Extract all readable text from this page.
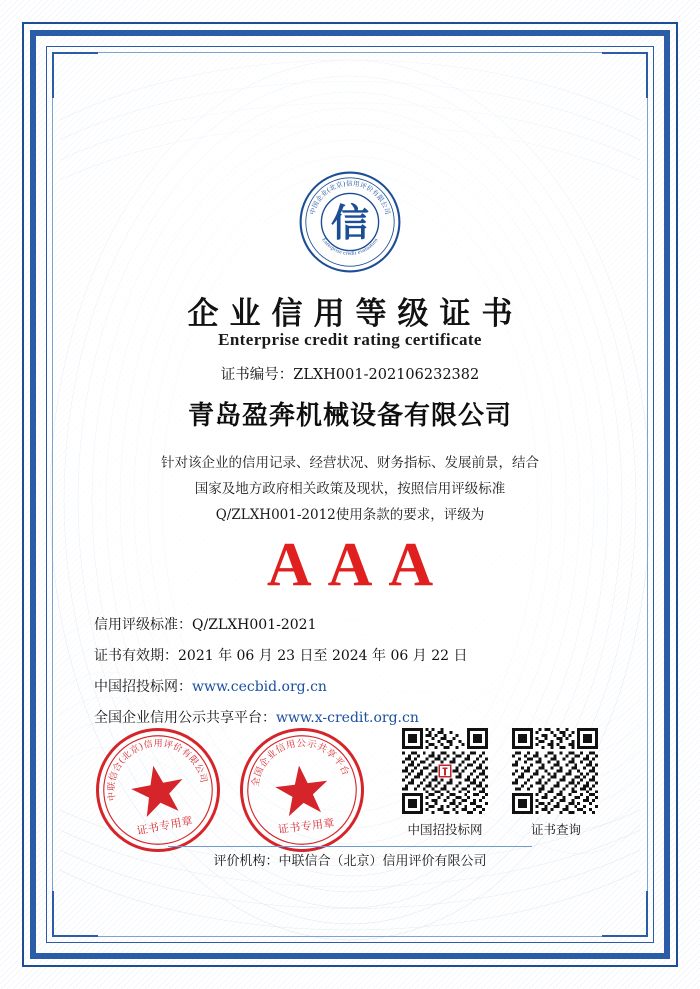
中国企业(北京)信用评价有限公司
Enterprise credit evaluation
信
企业信用等级证书
Enterprise credit rating certificate
证书编号：ZLXH001-202106232382
青岛盈奔机械设备有限公司
针对该企业的信用记录、经营状况、财务指标、发展前景，结合
国家及地方政府相关政策及现状，按照信用评级标准
Q/ZLXH001-2012使用条款的要求，评级为
AAA
信用评级标准：Q/ZLXH001-2021
证书有效期：2021 年 06 月 23 日至 2024 年 06 月 22 日
中国招投标网：www.cecbid.org.cn
全国企业信用公示共享平台：www.x-credit.org.cn
中联信合(北京)信用评价有限公司
证书专用章
全国企业信用公示共享平台
证书专用章	中国招投标网	证书查询
评价机构：中联信合（北京）信用评价有限公司
